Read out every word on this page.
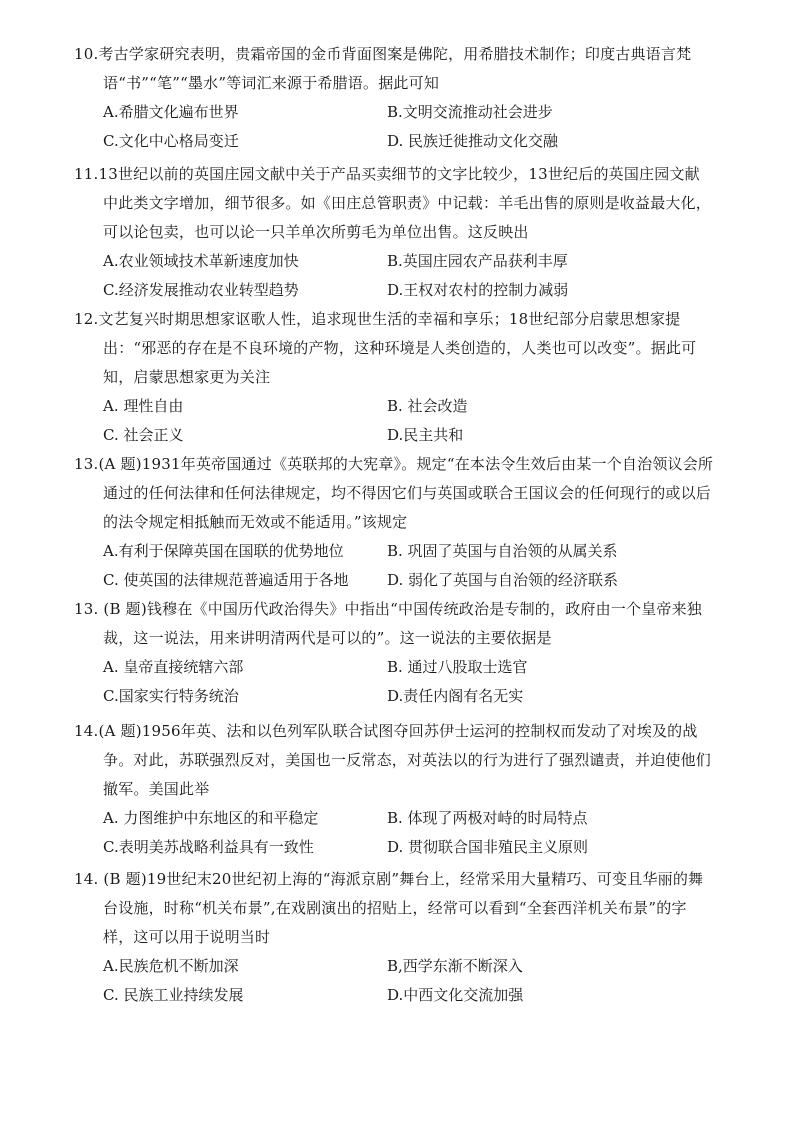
10.考古学家研究表明，贵霜帝国的金币背面图案是佛陀，用希腊技术制作；印度古典语言梵语“书”“笔”“墨水”等词汇来源于希腊语。据此可知
A.希腊文化遍布世界	B.文明交流推动社会进步
C.文化中心格局变迁	D. 民族迁徙推动文化交融
11.13世纪以前的英国庄园文献中关于产品买卖细节的文字比较少，13世纪后的英国庄园文献中此类文字增加，细节很多。如《田庄总管职责》中记载：羊毛出售的原则是收益最大化，可以论包卖，也可以论一只羊单次所剪毛为单位出售。这反映出
A.农业领域技术革新速度加快	B.英国庄园农产品获利丰厚
C.经济发展推动农业转型趋势	D.王权对农村的控制力减弱
12.文艺复兴时期思想家讴歌人性，追求现世生活的幸福和享乐；18世纪部分启蒙思想家提出：“邪恶的存在是不良环境的产物，这种环境是人类创造的，人类也可以改变”。据此可知，启蒙思想家更为关注
A. 理性自由	B. 社会改造
C. 社会正义	D.民主共和
13.(A 题)1931年英帝国通过《英联邦的大宪章》。规定“在本法令生效后由某一个自治领议会所通过的任何法律和任何法律规定，均不得因它们与英国或联合王国议会的任何现行的或以后的法令规定相抵触而无效或不能适用。”该规定
A.有利于保障英国在国联的优势地位	B. 巩固了英国与自治领的从属关系
C. 使英国的法律规范普遍适用于各地	D. 弱化了英国与自治领的经济联系
13. (B 题)钱穆在《中国历代政治得失》中指出“中国传统政治是专制的，政府由一个皇帝来独裁，这一说法，用来讲明清两代是可以的”。这一说法的主要依据是
A. 皇帝直接统辖六部	B. 通过八股取士选官
C.国家实行特务统治	D.责任内阁有名无实
14.(A 题)1956年英、法和以色列军队联合试图夺回苏伊士运河的控制权而发动了对埃及的战争。对此，苏联强烈反对，美国也一反常态，对英法以的行为进行了强烈谴责，并迫使他们撤军。美国此举
A. 力图维护中东地区的和平稳定	B. 体现了两极对峙的时局特点
C.表明美苏战略利益具有一致性	D. 贯彻联合国非殖民主义原则
14. (B 题)19世纪末20世纪初上海的“海派京剧”舞台上，经常采用大量精巧、可变且华丽的舞台设施，时称“机关布景”,在戏剧演出的招贴上，经常可以看到“全套西洋机关布景”的字样，这可以用于说明当时
A.民族危机不断加深	B,西学东渐不断深入
C. 民族工业持续发展	D.中西文化交流加强
